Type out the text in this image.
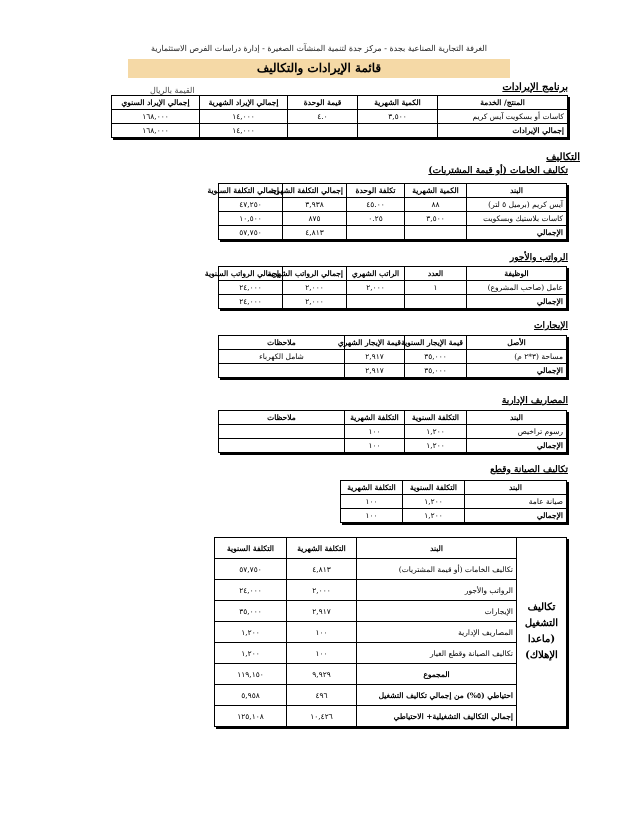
الغرفة التجارية الصناعية بجدة - مركز جدة لتنمية المنشآت الصغيرة - إدارة دراسات الفرص الاستثمارية
قائمة الإيرادات والتكاليف
برنامج الإيرادات
القيمة بالريال
المنتج/ الخدمة	الكمية الشهرية	قيمة الوحدة	إجمالي الإيراد الشهرية	إجمالي الإيراد السنوي
كاسات أو بسكويت آيس كريم	٣,٥٠٠	٤.٠	١٤,٠٠٠	١٦٨,٠٠٠
إجمالي الإيرادات			١٤,٠٠٠	١٦٨,٠٠٠
التكاليف
تكاليف الخامات (أو قيمة المشتريات)
البند	الكمية الشهرية	تكلفة الوحدة	إجمالي التكلفة الشهرية	إجمالي التكلفة السنوية
آيس كريم (برميل ٥ لتر)	٨٨	٤٥.٠٠	٣,٩٣٨	٤٧,٢٥٠
كاسات بلاستيك وبسكويت	٣,٥٠٠	٠.٢٥	٨٧٥	١٠,٥٠٠
الإجمالي			٤,٨١٣	٥٧,٧٥٠
الرواتب والأجور
الوظيفة	العدد	الراتب الشهري	إجمالي الرواتب الشهرية	إجمالي الرواتب السنوية
عامل (صاحب المشروع)	١	٢,٠٠٠	٢,٠٠٠	٢٤,٠٠٠
الإجمالي			٢,٠٠٠	٢٤,٠٠٠
الإيجارات
الأصل	قيمة الإيجار السنوية	قيمة الإيجار الشهري	ملاحظات
مساحة (٣*٢ م)	٣٥,٠٠٠	٢,٩١٧	شامل الكهرباء
الإجمالي	٣٥,٠٠٠	٢,٩١٧	
المصاريف الإدارية
البند	التكلفة السنوية	التكلفة الشهرية	ملاحظات
رسوم تراخيص	١,٢٠٠	١٠٠	
الإجمالي	١,٢٠٠	١٠٠	
تكاليف الصيانة وقطع
البند	التكلفة السنوية	التكلفة الشهرية
صيانة عامة	١,٢٠٠	١٠٠
الإجمالي	١,٢٠٠	١٠٠
تكاليف التشغيل
(ماعدا الإهلاك)	البند	التكلفة الشهرية	التكلفة السنوية
	تكاليف الخامات (أو قيمة المشتريات)	٤,٨١٣	٥٧,٧٥٠
	الرواتب والأجور	٢,٠٠٠	٢٤,٠٠٠
	الإيجارات	٢,٩١٧	٣٥,٠٠٠
	المصاريف الإدارية	١٠٠	١,٢٠٠
	تكاليف الصيانة وقطع الغيار	١٠٠	١,٢٠٠
	المجموع	٩,٩٢٩	١١٩,١٥٠
	احتياطي (٥%) من إجمالي تكاليف التشغيل	٤٩٦	٥,٩٥٨
	إجمالي التكاليف التشغيلية+ الاحتياطي	١٠,٤٢٦	١٢٥,١٠٨
